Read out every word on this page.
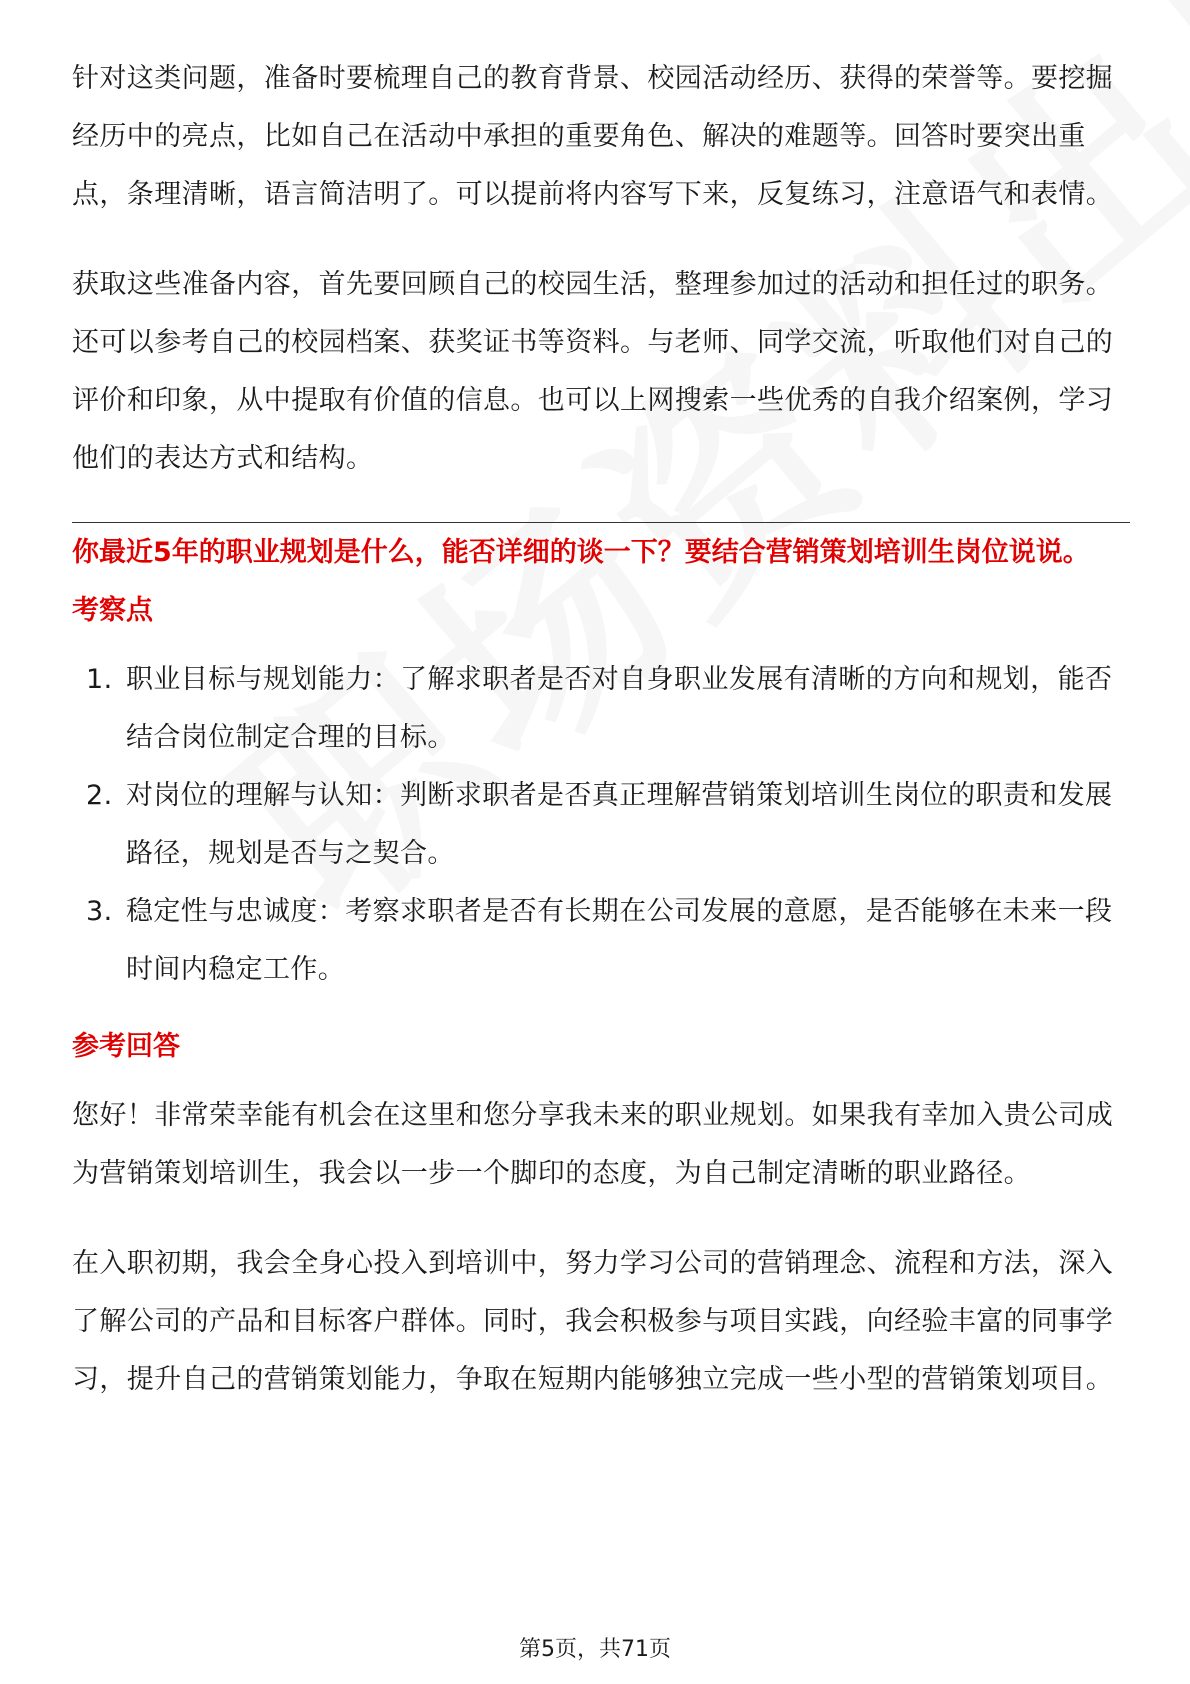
针对这类问题，准备时要梳理自己的教育背景、校园活动经历、获得的荣誉等。要挖掘经历中的亮点，比如自己在活动中承担的重要角色、解决的难题等。回答时要突出重点，条理清晰，语言简洁明了。可以提前将内容写下来，反复练习，注意语气和表情。

获取这些准备内容，首先要回顾自己的校园生活，整理参加过的活动和担任过的职务。还可以参考自己的校园档案、获奖证书等资料。与老师、同学交流，听取他们对自己的评价和印象，从中提取有价值的信息。也可以上网搜索一些优秀的自我介绍案例，学习他们的表达方式和结构。

你最近5年的职业规划是什么，能否详细的谈一下？要结合营销策划培训生岗位说说。
考察点
1. 职业目标与规划能力：了解求职者是否对自身职业发展有清晰的方向和规划，能否结合岗位制定合理的目标。
2. 对岗位的理解与认知：判断求职者是否真正理解营销策划培训生岗位的职责和发展路径，规划是否与之契合。
3. 稳定性与忠诚度：考察求职者是否有长期在公司发展的意愿，是否能够在未来一段时间内稳定工作。
参考回答

您好！非常荣幸能有机会在这里和您分享我未来的职业规划。如果我有幸加入贵公司成为营销策划培训生，我会以一步一个脚印的态度，为自己制定清晰的职业路径。

在入职初期，我会全身心投入到培训中，努力学习公司的营销理念、流程和方法，深入了解公司的产品和目标客户群体。同时，我会积极参与项目实践，向经验丰富的同事学习，提升自己的营销策划能力，争取在短期内能够独立完成一些小型的营销策划项目。

第5页，共71页
